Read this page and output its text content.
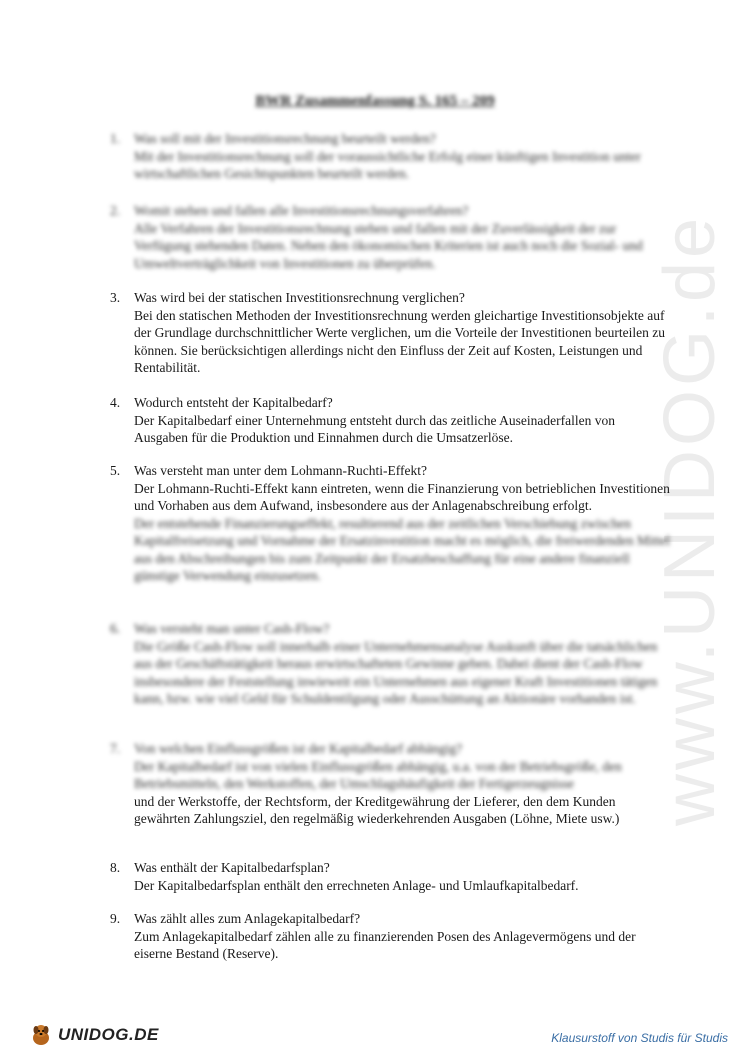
www.UNIDOG.de
BWR Zusammenfassung S. 165 – 209
1. Was soll mit der Investitionsrechnung beurteilt werden?

Mit der Investitionsrechnung soll der voraussichtliche Erfolg einer künftigen Investition unter wirtschaftlichen Gesichtspunkten beurteilt werden.

2. Womit stehen und fallen alle Investitionsrechnungsverfahren?

Alle Verfahren der Investitionsrechnung stehen und fallen mit der Zuverlässigkeit der zur Verfügung stehenden Daten. Neben den ökonomischen Kriterien ist auch noch die Sozial- und Umweltverträglichkeit von Investitionen zu überprüfen.

3. Was wird bei der statischen Investitionsrechnung verglichen?

Bei den statischen Methoden der Investitionsrechnung werden gleichartige Investitionsobjekte auf der Grundlage durchschnittlicher Werte verglichen, um die Vorteile der Investitionen beurteilen zu können. Sie berücksichtigen allerdings nicht den Einfluss der Zeit auf Kosten, Leistungen und Rentabilität.

4. Wodurch entsteht der Kapitalbedarf?

Der Kapitalbedarf einer Unternehmung entsteht durch das zeitliche Auseinaderfallen von Ausgaben für die Produktion und Einnahmen durch die Umsatzerlöse.

5. Was versteht man unter dem Lohmann-Ruchti-Effekt?

Der Lohmann-Ruchti-Effekt kann eintreten, wenn die Finanzierung von betrieblichen Investitionen und Vorhaben aus dem Aufwand, insbesondere aus der Anlagenabschreibung erfolgt.

Der entstehende Finanzierungseffekt, resultierend aus der zeitlichen Verschiebung zwischen Kapitalfreisetzung und Vornahme der Ersatzinvestition macht es möglich, die freiwerdenden Mittel aus den Abschreibungen bis zum Zeitpunkt der Ersatzbeschaffung für eine andere finanziell günstige Verwendung einzusetzen.

6. Was versteht man unter Cash-Flow?

Die Größe Cash-Flow soll innerhalb einer Unternehmensanalyse Auskunft über die tatsächlichen aus der Geschäftstätigkeit heraus erwirtschafteten Gewinne geben. Dabei dient der Cash-Flow insbesondere der Feststellung inwieweit ein Unternehmen aus eigener Kraft Investitionen tätigen kann, bzw. wie viel Geld für Schuldentilgung oder Ausschüttung an Aktionäre vorhanden ist.

7. Von welchen Einflussgrößen ist der Kapitalbedarf abhängig?

Der Kapitalbedarf ist von vielen Einflussgrößen abhängig, u.a. von der Betriebsgröße, den Betriebsmitteln, den Werkstoffen, der Umschlagshäufigkeit der Fertigerzeugnisse

und der Werkstoffe, der Rechtsform, der Kreditgewährung der Lieferer, den dem Kunden gewährten Zahlungsziel, den regelmäßig wiederkehrenden Ausgaben (Löhne, Miete usw.)

8. Was enthält der Kapitalbedarfsplan?

Der Kapitalbedarfsplan enthält den errechneten Anlage- und Umlaufkapitalbedarf.

9. Was zählt alles zum Anlagekapitalbedarf?

Zum Anlagekapitalbedarf zählen alle zu finanzierenden Posen des Anlagevermögens und der eiserne Bestand (Reserve).

UNIDOG.DE	Klausurstoff von Studis für Studis
